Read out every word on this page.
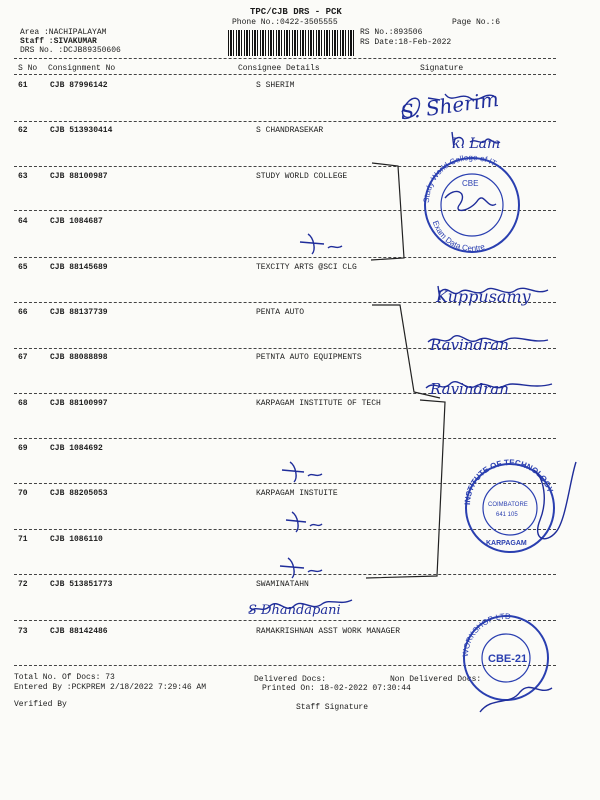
TPC/CJB DRS - PCK
Phone No.:0422-3505555	Page No.:6
Area :NACHIPALAYAM
Staff :SIVAKUMAR
DRS No. :DCJB89350606
RS No.:893506
RS Date:18-Feb-2022
S No Consignment No	Consignee Details	Signature
61	CJB 87996142	S SHERIM
62	CJB 513930414	S CHANDRASEKAR
63	CJB 88100987	STUDY WORLD COLLEGE
64	CJB 1084687
65	CJB 88145689	TEXCITY ARTS @SCI CLG
66	CJB 88137739	PENTA AUTO
67	CJB 88088898	PETNTA AUTO EQUIPMENTS
68	CJB 88100997	KARPAGAM INSTITUTE OF TECH
69	CJB 1084692
70	CJB 88205053	KARPAGAM INSTUITE
71	CJB 1086110
72	CJB 513851773	SWAMINATAHN
73	CJB 88142486	RAMAKRISHNAN ASST WORK MANAGER
Total No. Of Docs: 73	Delivered Docs:	Non Delivered Docs:
Entered By :PCKPREM 2/18/2022 7:29:46 AM	Printed On: 18-02-2022 07:30:44
Verified By	Staff Signature
Study World College of IT
Exam Data Centre
CBE
INSTITUTE OF TECHNOLOGY
COIMBATORE
641 105
KARPAGAM
CBE-21
WORKSHOP LTD
S. Sherim
k. Lam
Kuppusamy
Ravindran
Ravindran
S Dhandapani
